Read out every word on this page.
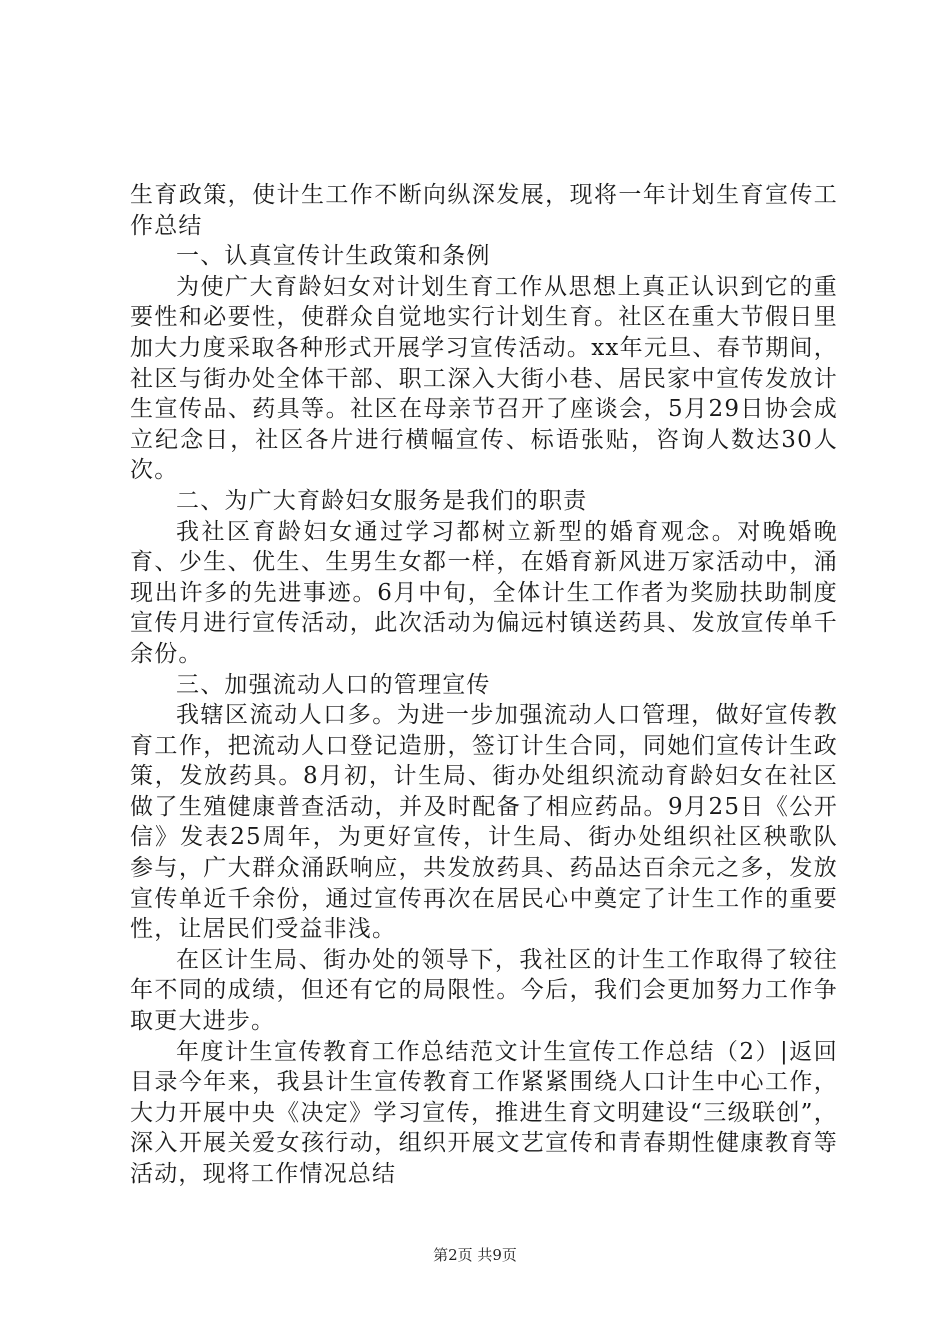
生育政策，使计生工作不断向纵深发展，现将一年计划生育宣传工作总结

一、认真宣传计生政策和条例

为使广大育龄妇女对计划生育工作从思想上真正认识到它的重要性和必要性，使群众自觉地实行计划生育。社区在重大节假日里加大力度采取各种形式开展学习宣传活动。xx年元旦、春节期间，社区与街办处全体干部、职工深入大街小巷、居民家中宣传发放计生宣传品、药具等。社区在母亲节召开了座谈会，5月29日协会成立纪念日，社区各片进行横幅宣传、标语张贴，咨询人数达30人次。

二、为广大育龄妇女服务是我们的职责

我社区育龄妇女通过学习都树立新型的婚育观念。对晚婚晚育、少生、优生、生男生女都一样，在婚育新风进万家活动中，涌现出许多的先进事迹。6月中旬，全体计生工作者为奖励扶助制度宣传月进行宣传活动，此次活动为偏远村镇送药具、发放宣传单千余份。

三、加强流动人口的管理宣传

我辖区流动人口多。为进一步加强流动人口管理，做好宣传教育工作，把流动人口登记造册，签订计生合同，同她们宣传计生政策，发放药具。8月初，计生局、街办处组织流动育龄妇女在社区做了生殖健康普查活动，并及时配备了相应药品。9月25日《公开信》发表25周年，为更好宣传，计生局、街办处组织社区秧歌队参与，广大群众涌跃响应，共发放药具、药品达百余元之多，发放宣传单近千余份，通过宣传再次在居民心中奠定了计生工作的重要性，让居民们受益非浅。

在区计生局、街办处的领导下，我社区的计生工作取得了较往年不同的成绩，但还有它的局限性。今后，我们会更加努力工作争取更大进步。

年度计生宣传教育工作总结范文计生宣传工作总结（2）|返回目录今年来，我县计生宣传教育工作紧紧围绕人口计生中心工作，大力开展中央《决定》学习宣传，推进生育文明建设“三级联创”，深入开展关爱女孩行动，组织开展文艺宣传和青春期性健康教育等活动，现将工作情况总结

第2页 共9页
